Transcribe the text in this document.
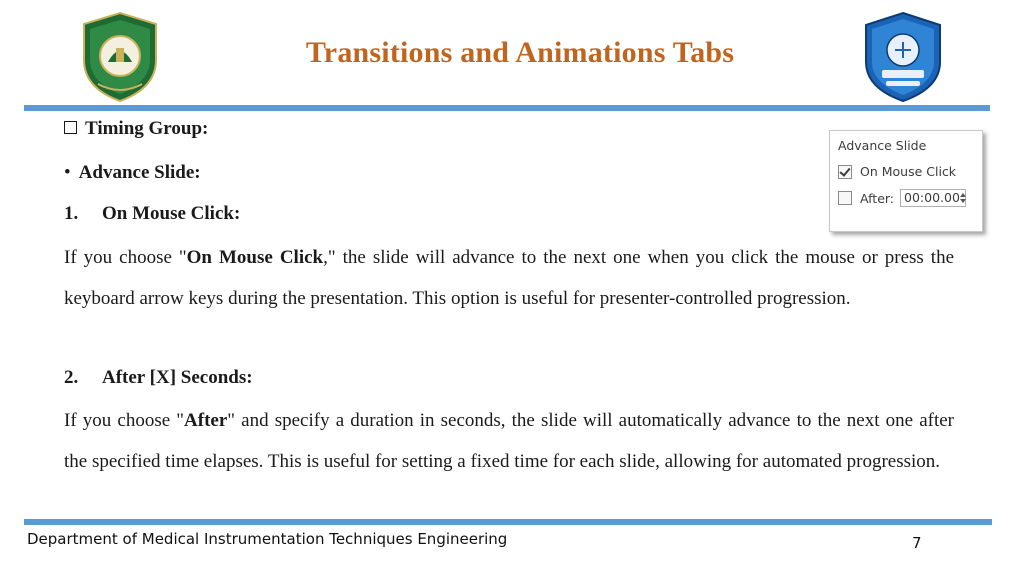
Transitions and Animations Tabs
Timing Group:
• Advance Slide:
1. On Mouse Click:
If you choose "On Mouse Click," the slide will advance to the next one when you click the mouse or press the keyboard arrow keys during the presentation. This option is useful for presenter-controlled progression.
2. After [X] Seconds:
If you choose "After" and specify a duration in seconds, the slide will automatically advance to the next one after the specified time elapses. This is useful for setting a fixed time for each slide, allowing for automated progression.
Advance Slide
On Mouse Click
After: 00:00.00
Department of Medical Instrumentation Techniques Engineering	7
